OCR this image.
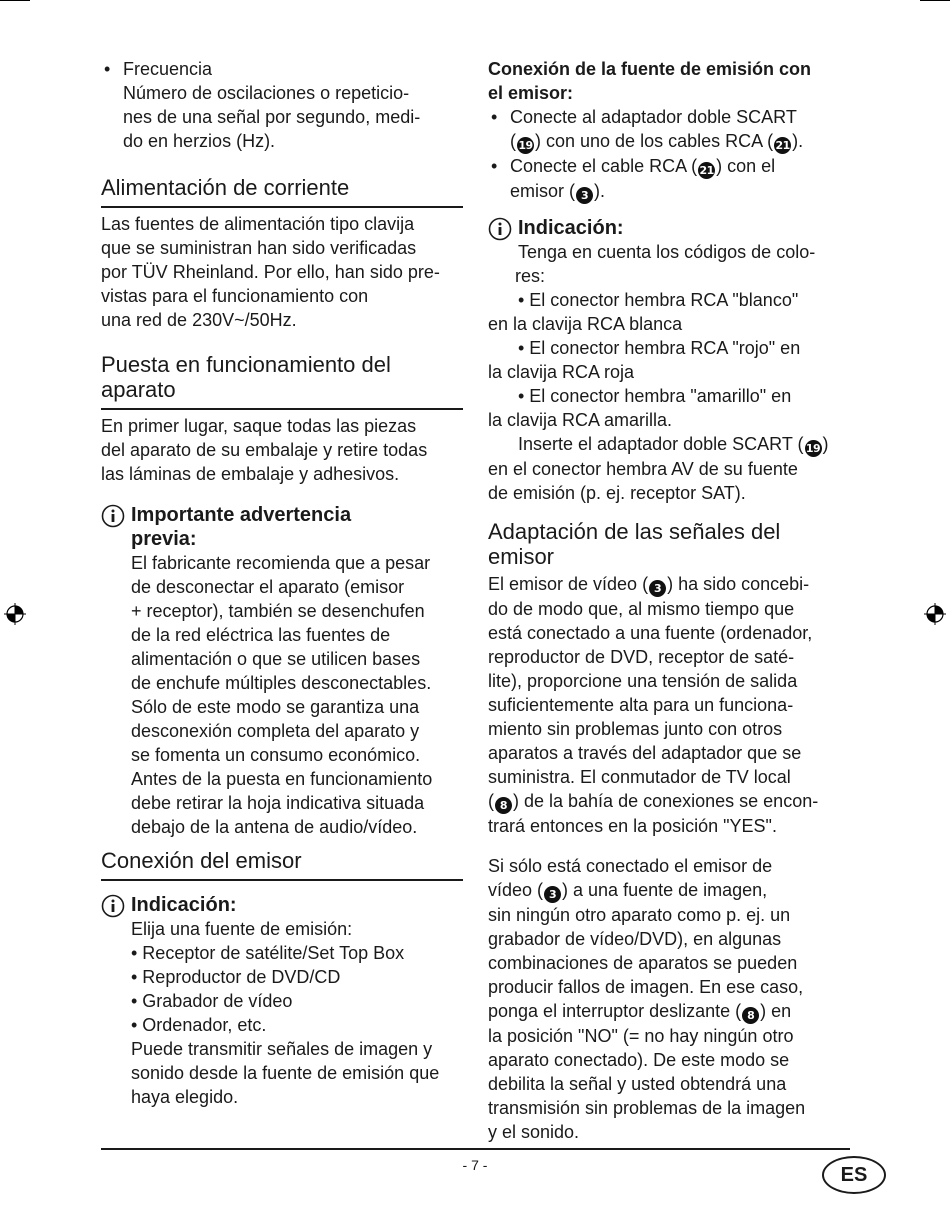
• Frecuencia
Número de oscilaciones o repeticio-
nes de una señal por segundo, medi-
do en herzios (Hz).
Alimentación de corriente
Las fuentes de alimentación tipo clavija
que se suministran han sido verificadas
por TÜV Rheinland. Por ello, han sido pre-
vistas para el funcionamiento con
una red de 230V~/50Hz.
Puesta en funcionamiento del
aparato
En primer lugar, saque todas las piezas
del aparato de su embalaje y retire todas
las láminas de embalaje y adhesivos.
Importante advertencia
previa:
El fabricante recomienda que a pesar
de desconectar el aparato (emisor
+ receptor), también se desenchufen
de la red eléctrica las fuentes de
alimentación o que se utilicen bases
de enchufe múltiples desconectables.
Sólo de este modo se garantiza una
desconexión completa del aparato y
se fomenta un consumo económico.
Antes de la puesta en funcionamiento
debe retirar la hoja indicativa situada
debajo de la antena de audio/vídeo.
Conexión del emisor
Indicación:
Elija una fuente de emisión:
• Receptor de satélite/Set Top Box
• Reproductor de DVD/CD
• Grabador de vídeo
• Ordenador, etc.
Puede transmitir señales de imagen y
sonido desde la fuente de emisión que
haya elegido.
Conexión de la fuente de emisión con
el emisor:
• Conecte al adaptador doble SCART
( 19 ) con uno de los cables RCA ( 21 ).
• Conecte el cable RCA ( 21 ) con el
emisor ( 3 ).
Indicación:
Tenga en cuenta los códigos de colo-
res:
• El conector hembra RCA "blanco"
en la clavija RCA blanca
• El conector hembra RCA "rojo" en
la clavija RCA roja
• El conector hembra "amarillo" en
la clavija RCA amarilla.
Inserte el adaptador doble SCART ( 19 )
en el conector hembra AV de su fuente
de emisión (p. ej. receptor SAT).
Adaptación de las señales del
emisor
El emisor de vídeo ( 3 ) ha sido concebi-
do de modo que, al mismo tiempo que
está conectado a una fuente (ordenador,
reproductor de DVD, receptor de saté-
lite), proporcione una tensión de salida
suficientemente alta para un funciona-
miento sin problemas junto con otros
aparatos a través del adaptador que se
suministra. El conmutador de TV local
( 8 ) de la bahía de conexiones se encon-
trará entonces en la posición "YES".
Si sólo está conectado el emisor de
vídeo ( 3 ) a una fuente de imagen,
sin ningún otro aparato como p. ej. un
grabador de vídeo/DVD), en algunas
combinaciones de aparatos se pueden
producir fallos de imagen. En ese caso,
ponga el interruptor deslizante ( 8 ) en
la posición "NO" (= no hay ningún otro
aparato conectado). De este modo se
debilita la señal y usted obtendrá una
transmisión sin problemas de la imagen
y el sonido.
- 7 -	ES
